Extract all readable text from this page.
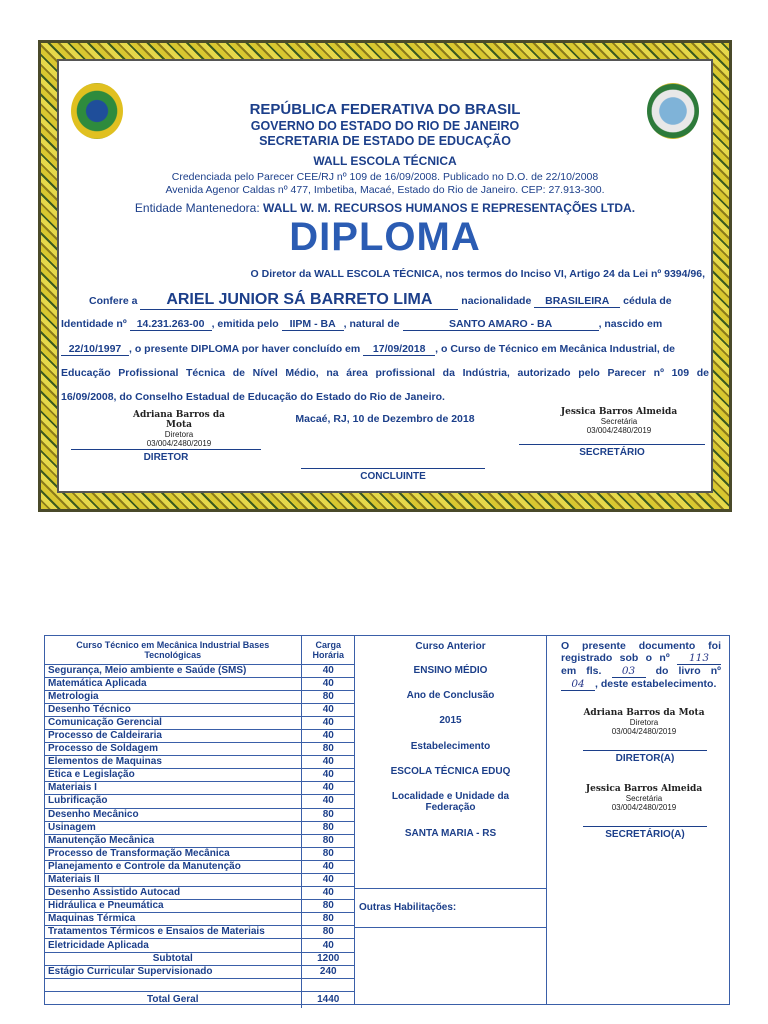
REPÚBLICA FEDERATIVA DO BRASIL
GOVERNO DO ESTADO DO RIO DE JANEIRO
SECRETARIA DE ESTADO DE EDUCAÇÃO
WALL ESCOLA TÉCNICA
Credenciada pelo Parecer CEE/RJ nº 109 de 16/09/2008. Publicado no D.O. de 22/10/2008
Avenida Agenor Caldas nº 477, Imbetiba, Macaé, Estado do Rio de Janeiro. CEP: 27.913-300.
Entidade Mantenedora: WALL W. M. RECURSOS HUMANOS E REPRESENTAÇÕES LTDA.
DIPLOMA
O Diretor da WALL ESCOLA TÉCNICA, nos termos do Inciso VI, Artigo 24 da Lei nº 9394/96,
Confere a ARIEL JUNIOR SÁ BARRETO LIMA	nacionalidade BRASILEIRA cédula de
Identidade nº 14.231.263-00 , emitida pelo IIPM - BA , natural de	SANTO AMARO - BA	, nascido em
22/10/1997 , o presente DIPLOMA por haver concluído em 17/09/2018 , o Curso de Técnico em Mecânica Industrial, de
Educação Profissional Técnica de Nível Médio, na área profissional da Indústria, autorizado pelo Parecer nº 109 de
16/09/2008, do Conselho Estadual de Educação do Estado do Rio de Janeiro.
Adriana Barros da Mota
Diretora
03/004/2480/2019
Macaé, RJ, 10 de Dezembro de 2018
Jessica Barros Almeida
Secretária
03/004/2480/2019
DIRETOR	SECRETÁRIO
CONCLUINTE
Curso Técnico em Mecânica Industrial Bases Tecnológicas	Carga Horária
Segurança, Meio ambiente e Saúde (SMS)	40
Matemática Aplicada	40
Metrologia	80
Desenho Técnico	40
Comunicação Gerencial	40
Processo de Caldeiraria	40
Processo de Soldagem	80
Elementos de Maquinas	40
Ética e Legislação	40
Materiais I	40
Lubrificação	40
Desenho Mecânico	80
Usinagem	80
Manutenção Mecânica	80
Processo de Transformação Mecânica	80
Planejamento e Controle da Manutenção	40
Materiais II	40
Desenho Assistido Autocad	40
Hidráulica e Pneumática	80
Maquinas Térmica	80
Tratamentos Térmicos e Ensaios de Materiais	80
Eletricidade Aplicada	40
Subtotal	1200
Estágio Curricular Supervisionado	240

Total Geral	1440
Curso Anterior
ENSINO MÉDIO
Ano de Conclusão
2015
Estabelecimento
ESCOLA TÉCNICA EDUQ
Localidade e Unidade da Federação
SANTA MARIA - RS
Outras Habilitações:
O presente documento foi registrado sob o nº 113 em fls. 03 do livro nº 04 , deste estabelecimento.
Adriana Barros da Mota
Diretora
03/004/2480/2019
DIRETOR(A)
Jessica Barros Almeida
Secretária
03/004/2480/2019
SECRETÁRIO(A)
